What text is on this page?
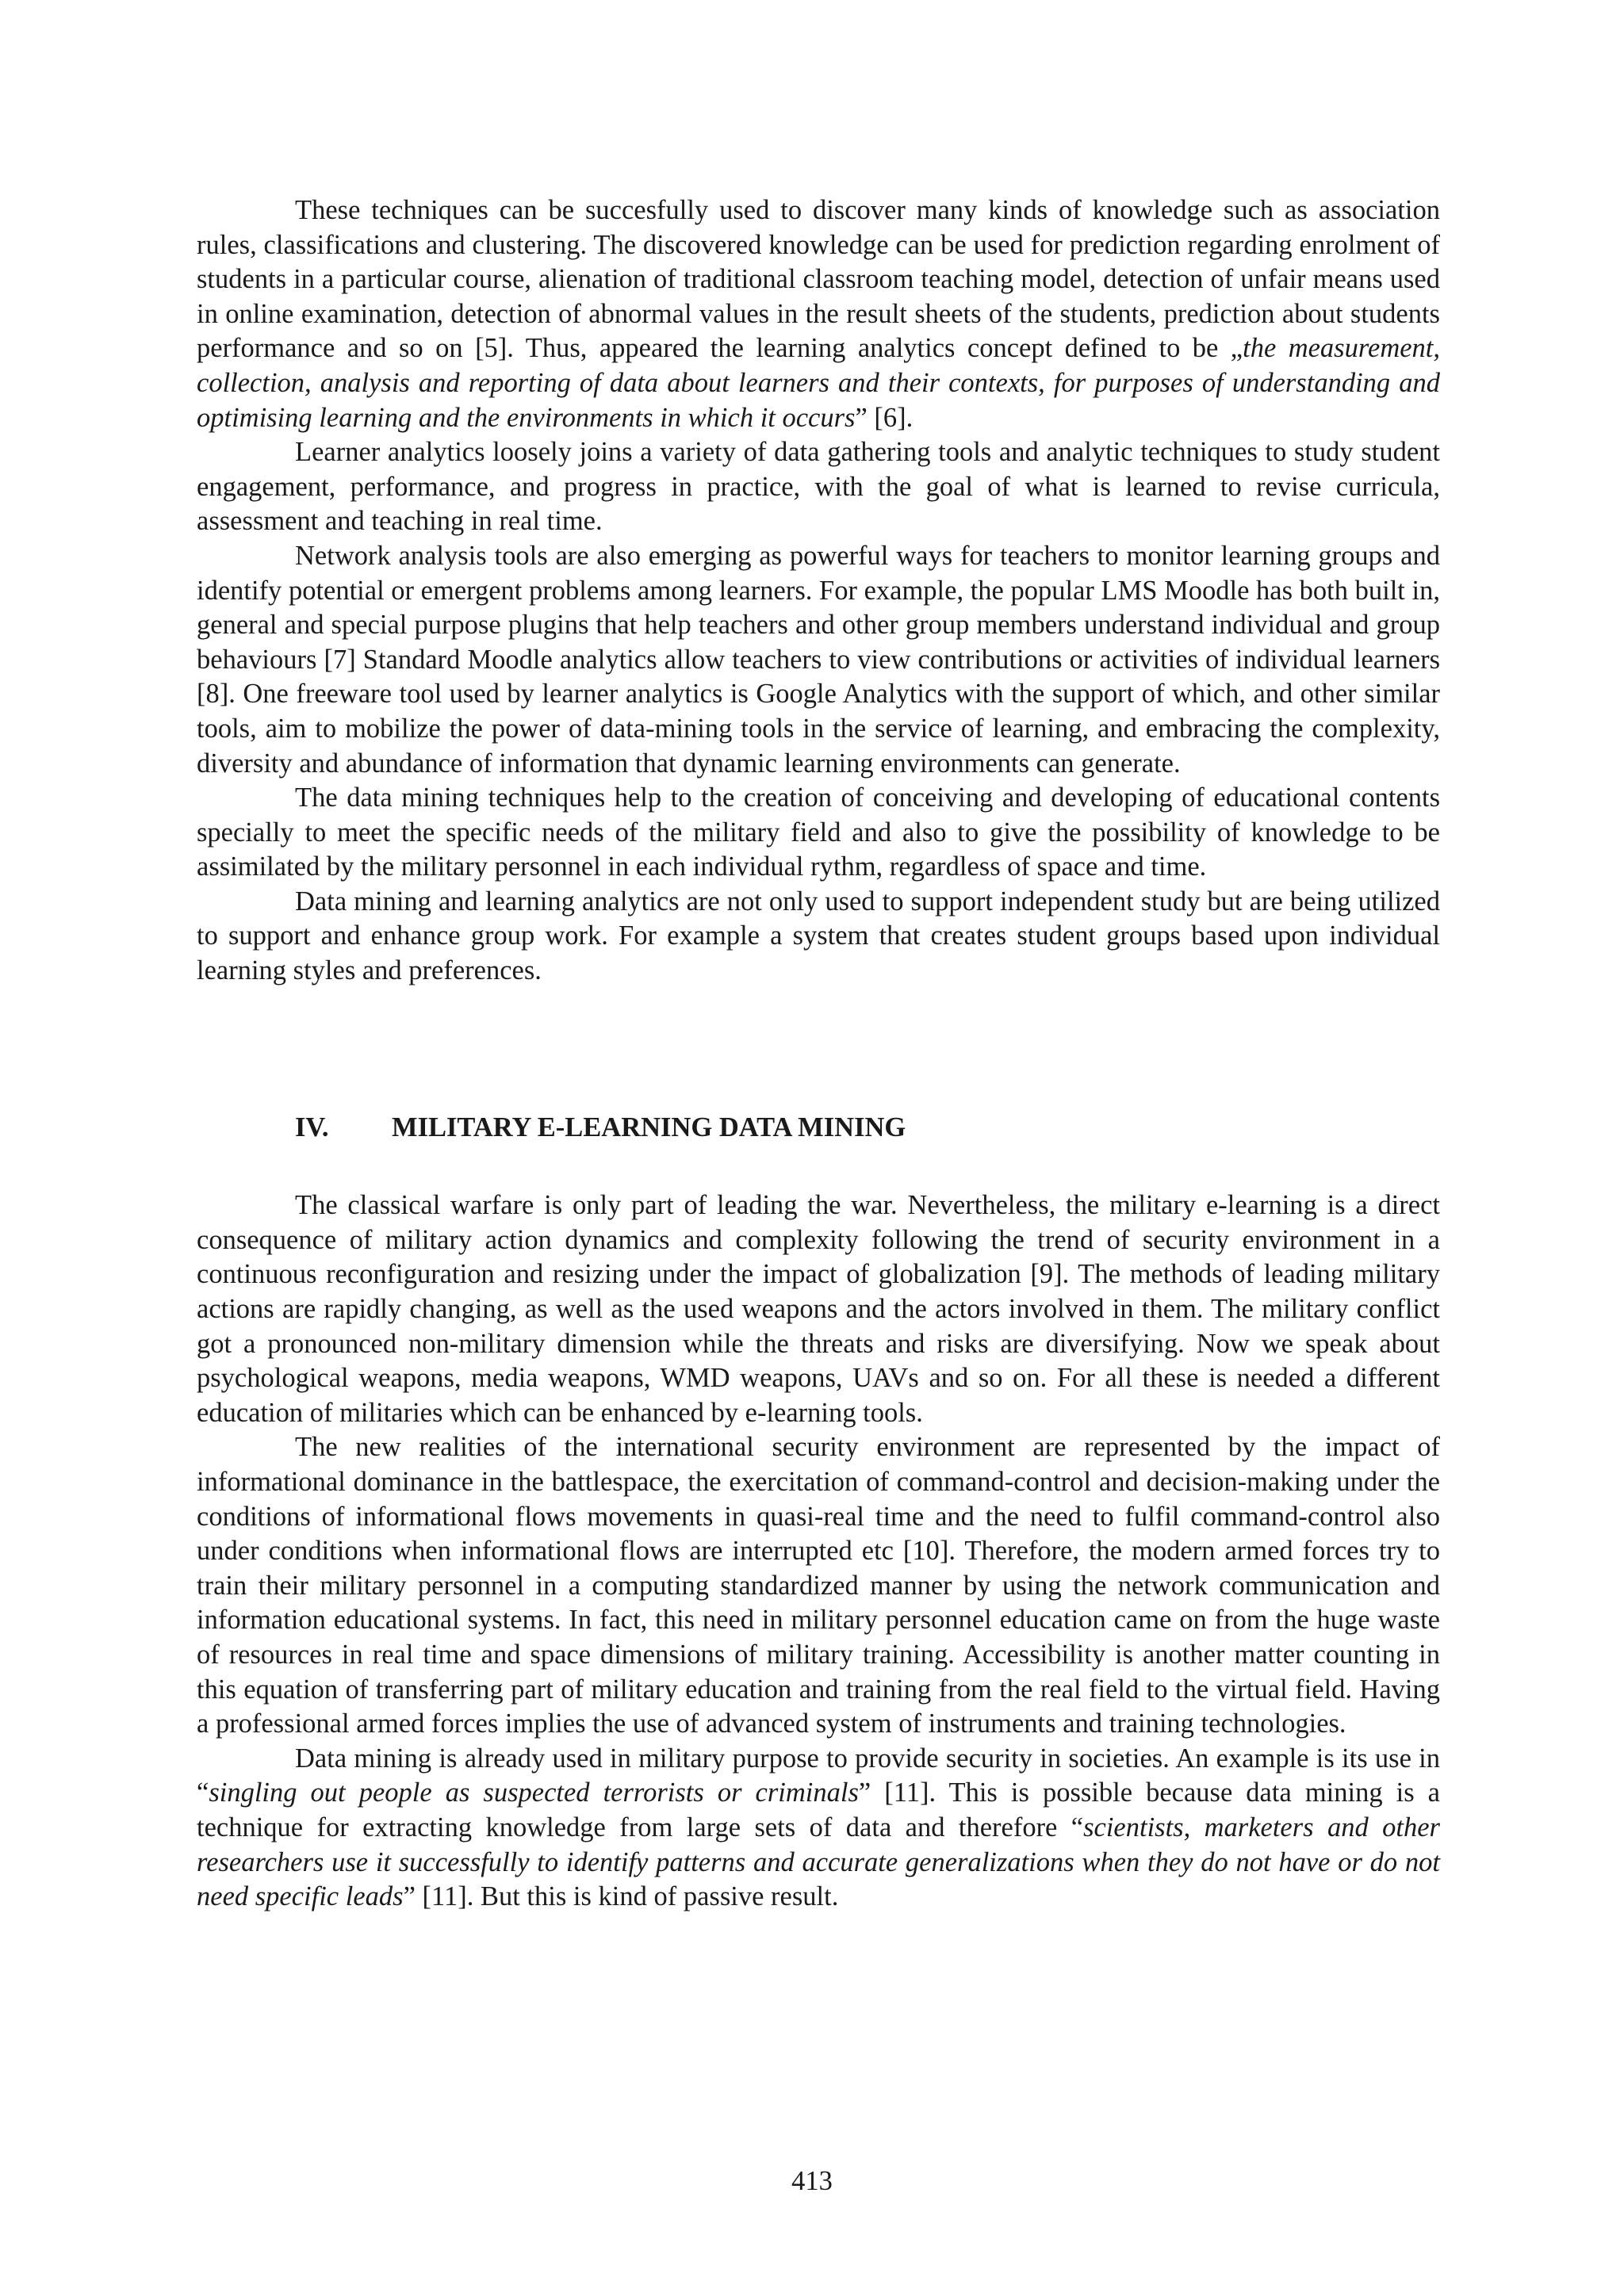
These techniques can be succesfully used to discover many kinds of knowledge such as association rules, classifications and clustering. The discovered knowledge can be used for prediction regarding enrolment of students in a particular course, alienation of traditional classroom teaching model, detection of unfair means used in online examination, detection of abnormal values in the result sheets of the students, prediction about students performance and so on [5]. Thus, appeared the learning analytics concept defined to be „the measurement, collection, analysis and reporting of data about learners and their contexts, for purposes of understanding and optimising learning and the environments in which it occurs” [6].

Learner analytics loosely joins a variety of data gathering tools and analytic techniques to study student engagement, performance, and progress in practice, with the goal of what is learned to revise curricula, assessment and teaching in real time.

Network analysis tools are also emerging as powerful ways for teachers to monitor learning groups and identify potential or emergent problems among learners. For example, the popular LMS Moodle has both built in, general and special purpose plugins that help teachers and other group members understand individual and group behaviours [7] Standard Moodle analytics allow teachers to view contributions or activities of individual learners [8]. One freeware tool used by learner analytics is Google Analytics with the support of which, and other similar tools, aim to mobilize the power of data-mining tools in the service of learning, and embracing the complexity, diversity and abundance of information that dynamic learning environments can generate.

The data mining techniques help to the creation of conceiving and developing of educational contents specially to meet the specific needs of the military field and also to give the possibility of knowledge to be assimilated by the military personnel in each individual rythm, regardless of space and time.

Data mining and learning analytics are not only used to support independent study but are being utilized to support and enhance group work. For example a system that creates student groups based upon individual learning styles and preferences.

IV. MILITARY E-LEARNING DATA MINING

The classical warfare is only part of leading the war. Nevertheless, the military e-learning is a direct consequence of military action dynamics and complexity following the trend of security environment in a continuous reconfiguration and resizing under the impact of globalization [9]. The methods of leading military actions are rapidly changing, as well as the used weapons and the actors involved in them. The military conflict got a pronounced non-military dimension while the threats and risks are diversifying. Now we speak about psychological weapons, media weapons, WMD weapons, UAVs and so on. For all these is needed a different education of militaries which can be enhanced by e-learning tools.

The new realities of the international security environment are represented by the impact of informational dominance in the battlespace, the exercitation of command-control and decision-making under the conditions of informational flows movements in quasi-real time and the need to fulfil command-control also under conditions when informational flows are interrupted etc [10]. Therefore, the modern armed forces try to train their military personnel in a computing standardized manner by using the network communication and information educational systems. In fact, this need in military personnel education came on from the huge waste of resources in real time and space dimensions of military training. Accessibility is another matter counting in this equation of transferring part of military education and training from the real field to the virtual field. Having a professional armed forces implies the use of advanced system of instruments and training technologies.

Data mining is already used in military purpose to provide security in societies. An example is its use in “singling out people as suspected terrorists or criminals” [11]. This is possible because data mining is a technique for extracting knowledge from large sets of data and therefore “scientists, marketers and other researchers use it successfully to identify patterns and accurate generalizations when they do not have or do not need specific leads” [11]. But this is kind of passive result.

413
